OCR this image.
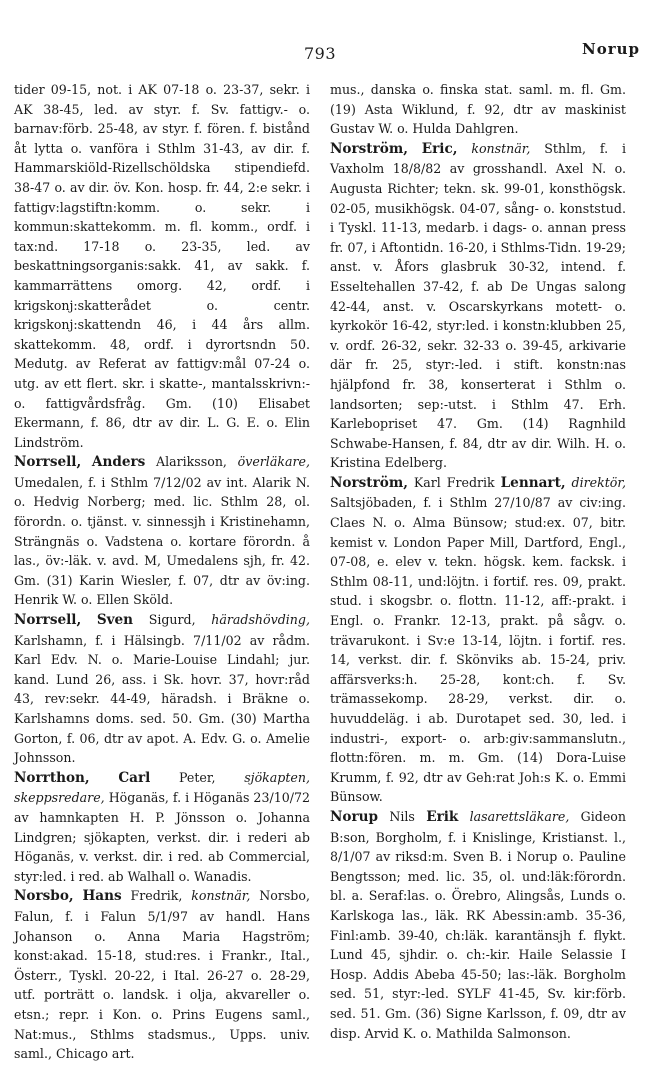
793	Norup

tider 09-15, not. i AK 07-18 o. 23-37, sekr. i AK 38-45, led. av styr. f. Sv. fattigv.- o. barnav:förb. 25-48, av styr. f. fören. f. bistånd åt lytta o. vanföra i Sthlm 31-43, av dir. f. Hammarskiöld-Rizellschöldska stipendiefd. 38-47 o. av dir. öv. Kon. hosp. fr. 44, 2:e sekr. i fattigv:lagstiftn:komm. o. sekr. i kommun:skattekomm. m. fl. komm., ordf. i tax:nd. 17-18 o. 23-35, led. av beskattningsorganis:sakk. 41, av sakk. f. kammarrättens omorg. 42, ordf. i krigskonj:skatterådet o. centr. krigskonj:skattendn 46, i 44 års allm. skattekomm. 48, ordf. i dyrortsndn 50. Medutg. av Referat av fattigv:mål 07-24 o. utg. av ett flert. skr. i skatte-, mantalsskrivn:- o. fattigvårdsfråg. Gm. (10) Elisabet Ekermann, f. 86, dtr av dir. L. G. E. o. Elin Lindström.

Norrsell, Anders Alariksson, överläkare, Umedalen, f. i Sthlm 7/12/02 av int. Alarik N. o. Hedvig Norberg; med. lic. Sthlm 28, ol. förordn. o. tjänst. v. sinnessjh i Kristinehamn, Strängnäs o. Vadstena o. kortare förordn. å las., öv:-läk. v. avd. M, Umedalens sjh, fr. 42. Gm. (31) Karin Wiesler, f. 07, dtr av öv:ing. Henrik W. o. Ellen Sköld.

Norrsell, Sven Sigurd, häradshövding, Karlshamn, f. i Hälsingb. 7/11/02 av rådm. Karl Edv. N. o. Marie-Louise Lindahl; jur. kand. Lund 26, ass. i Sk. hovr. 37, hovr:råd 43, rev:sekr. 44-49, häradsh. i Bräkne o. Karlshamns doms. sed. 50. Gm. (30) Martha Gorton, f. 06, dtr av apot. A. Edv. G. o. Amelie Johnsson.

Norrthon, Carl Peter, sjökapten, skeppsredare, Höganäs, f. i Höganäs 23/10/72 av hamnkapten H. P. Jönsson o. Johanna Lindgren; sjökapten, verkst. dir. i rederi ab Höganäs, v. verkst. dir. i red. ab Commercial, styr:led. i red. ab Walhall o. Wanadis.

Norsbo, Hans Fredrik, konstnär, Norsbo, Falun, f. i Falun 5/1/97 av handl. Hans Johanson o. Anna Maria Hagström; konst:akad. 15-18, stud:res. i Frankr., Ital., Österr., Tyskl. 20-22, i Ital. 26-27 o. 28-29, utf. porträtt o. landsk. i olja, akvareller o. etsn.; repr. i Kon. o. Prins Eugens saml., Nat:mus., Sthlms stadsmus., Upps. univ. saml., Chicago art.

mus., danska o. finska stat. saml. m. fl. Gm. (19) Asta Wiklund, f. 92, dtr av maskinist Gustav W. o. Hulda Dahlgren.

Norström, Eric, konstnär, Sthlm, f. i Vaxholm 18/8/82 av grosshandl. Axel N. o. Augusta Richter; tekn. sk. 99-01, konsthögsk. 02-05, musikhögsk. 04-07, sång- o. konststud. i Tyskl. 11-13, medarb. i dags- o. annan press fr. 07, i Aftontidn. 16-20, i Sthlms-Tidn. 19-29; anst. v. Åfors glasbruk 30-32, intend. f. Esseltehallen 37-42, f. ab De Ungas salong 42-44, anst. v. Oscarskyrkans motett- o. kyrkokör 16-42, styr:led. i konstn:klubben 25, v. ordf. 26-32, sekr. 32-33 o. 39-45, arkivarie där fr. 25, styr:-led. i stift. konstn:nas hjälpfond fr. 38, konserterat i Sthlm o. landsorten; sep:-utst. i Sthlm 47. Erh. Karlebopriset 47. Gm. (14) Ragnhild Schwabe-Hansen, f. 84, dtr av dir. Wilh. H. o. Kristina Edelberg.

Norström, Karl Fredrik Lennart, direktör, Saltsjöbaden, f. i Sthlm 27/10/87 av civ:ing. Claes N. o. Alma Bünsow; stud:ex. 07, bitr. kemist v. London Paper Mill, Dartford, Engl., 07-08, e. elev v. tekn. högsk. kem. facksk. i Sthlm 08-11, und:löjtn. i fortif. res. 09, prakt. stud. i skogsbr. o. flottn. 11-12, aff:-prakt. i Engl. o. Frankr. 12-13, prakt. på sågv. o. trävarukont. i Sv:e 13-14, löjtn. i fortif. res. 14, verkst. dir. f. Skönviks ab. 15-24, priv. affärsverks:h. 25-28, kont:ch. f. Sv. trämassekomp. 28-29, verkst. dir. o. huvuddeläg. i ab. Durotapet sed. 30, led. i industri-, export- o. arb:giv:sammanslutn., flottn:fören. m. m. Gm. (14) Dora-Luise Krumm, f. 92, dtr av Geh:rat Joh:s K. o. Emmi Bünsow.

Norup Nils Erik lasarettsläkare, Gideon B:son, Borgholm, f. i Knislinge, Kristianst. l., 8/1/07 av riksd:m. Sven B. i Norup o. Pauline Bengtsson; med. lic. 35, ol. und:läk:förordn. bl. a. Seraf:las. o. Örebro, Alingsås, Lunds o. Karlskoga las., läk. RK Abessin:amb. 35-36, Finl:amb. 39-40, ch:läk. karantänsjh f. flykt. Lund 45, sjhdir. o. ch:-kir. Haile Selassie I Hosp. Addis Abeba 45-50; las:-läk. Borgholm sed. 51, styr:-led. SYLF 41-45, Sv. kir:förb. sed. 51. Gm. (36) Signe Karlsson, f. 09, dtr av disp. Arvid K. o. Mathilda Salmonson.
